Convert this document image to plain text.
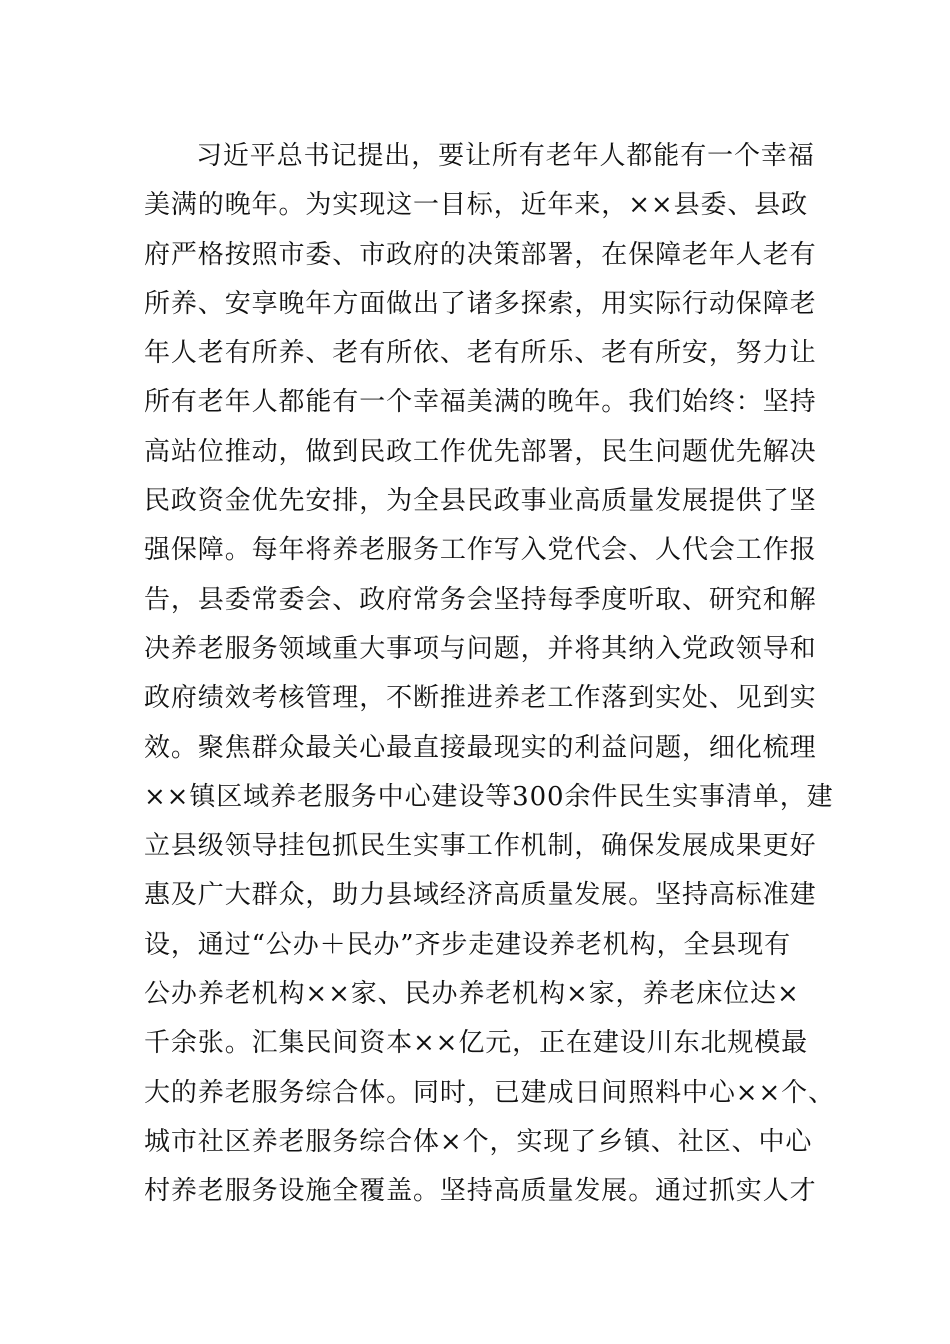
习近平总书记提出，要让所有老年人都能有一个幸福
美满的晚年。为实现这一目标，近年来，××县委、县政
府严格按照市委、市政府的决策部署，在保障老年人老有
所养、安享晚年方面做出了诸多探索，用实际行动保障老
年人老有所养、老有所依、老有所乐、老有所安，努力让
所有老年人都能有一个幸福美满的晚年。我们始终：坚持
高站位推动，做到民政工作优先部署，民生问题优先解决
民政资金优先安排，为全县民政事业高质量发展提供了坚
强保障。每年将养老服务工作写入党代会、人代会工作报
告，县委常委会、政府常务会坚持每季度听取、研究和解
决养老服务领域重大事项与问题，并将其纳入党政领导和
政府绩效考核管理，不断推进养老工作落到实处、见到实
效。聚焦群众最关心最直接最现实的利益问题，细化梳理
××镇区域养老服务中心建设等300余件民生实事清单，建
立县级领导挂包抓民生实事工作机制，确保发展成果更好
惠及广大群众，助力县域经济高质量发展。坚持高标准建
设，通过“公办＋民办”齐步走建设养老机构，全县现有
公办养老机构××家、民办养老机构×家，养老床位达×
千余张。汇集民间资本××亿元，正在建设川东北规模最
大的养老服务综合体。同时，已建成日间照料中心××个、
城市社区养老服务综合体×个，实现了乡镇、社区、中心
村养老服务设施全覆盖。坚持高质量发展。通过抓实人才
